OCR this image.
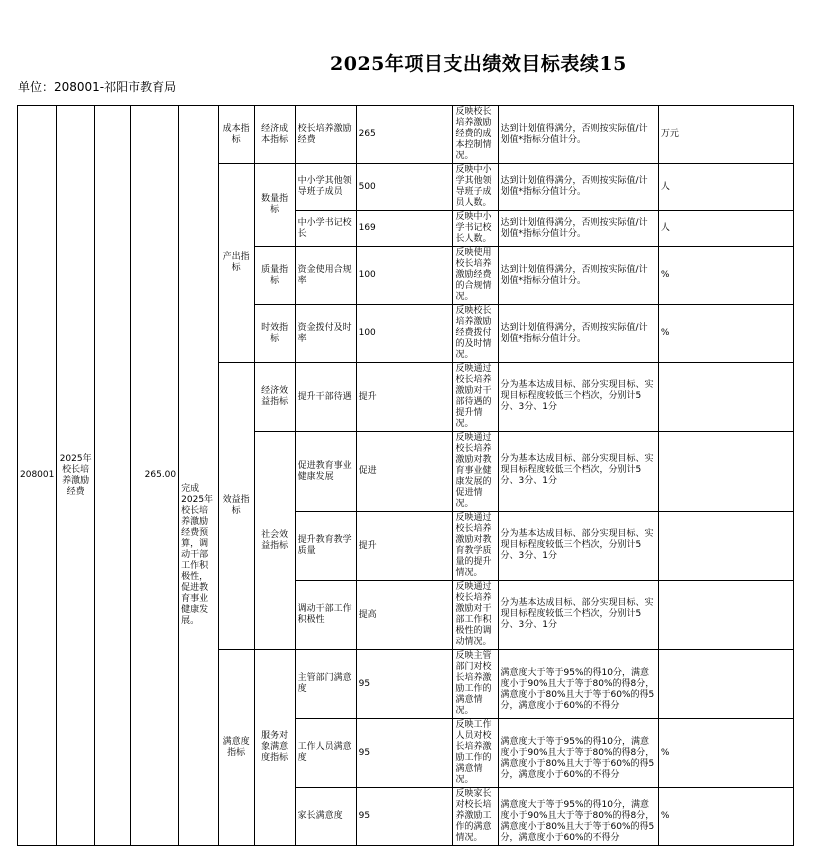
2025年项目支出绩效目标表续15
单位：208001-祁阳市教育局
208001	2025年校长培养激励经费		265.00	完成2025年校长培养激励经费预算，调动干部工作积极性，促进教育事业健康发展。	成本指标	经济成本指标	校长培养激励经费	265	反映校长培养激励经费的成本控制情况。	达到计划值得满分，否则按实际值/计划值*指标分值计分。	万元
					产出指标	数量指标	中小学其他领导班子成员	500	反映中小学其他领导班子成员人数。	达到计划值得满分，否则按实际值/计划值*指标分值计分。	人
							中小学书记校长	169	反映中小学书记校长人数。	达到计划值得满分，否则按实际值/计划值*指标分值计分。	人
						质量指标	资金使用合规率	100	反映使用校长培养激励经费的合规情况。	达到计划值得满分，否则按实际值/计划值*指标分值计分。	%
						时效指标	资金拨付及时率	100	反映校长培养激励经费拨付的及时情况。	达到计划值得满分，否则按实际值/计划值*指标分值计分。	%
					效益指标	经济效益指标	提升干部待遇	提升	反映通过校长培养激励对干部待遇的提升情况。	分为基本达成目标、部分实现目标、实现目标程度较低三个档次，分别计5分、3分、1分	

						社会效益指标	促进教育事业健康发展	促进	反映通过校长培养激励对教育事业健康发展的促进情况。	分为基本达成目标、部分实现目标、实现目标程度较低三个档次，分别计5分、3分、1分	

							提升教育教学质量	提升	反映通过校长培养激励对教育教学质量的提升情况。	分为基本达成目标、部分实现目标、实现目标程度较低三个档次，分别计5分、3分、1分	

							调动干部工作积极性	提高	反映通过校长培养激励对干部工作积极性的调动情况。	分为基本达成目标、部分实现目标、实现目标程度较低三个档次，分别计5分、3分、1分	

					满意度指标	服务对象满意度指标	主管部门满意度	95	反映主管部门对校长培养激励工作的满意情况。	满意度大于等于95%的得10分，满意度小于90%且大于等于80%的得8分，满意度小于80%且大于等于60%的得5分，满意度小于60%的不得分	

							工作人员满意度	95	反映工作人员对校长培养激励工作的满意情况。	满意度大于等于95%的得10分，满意度小于90%且大于等于80%的得8分，满意度小于80%且大于等于60%的得5分，满意度小于60%的不得分	%
							家长满意度	95	反映家长对校长培养激励工作的满意情况。	满意度大于等于95%的得10分，满意度小于90%且大于等于80%的得8分，满意度小于80%且大于等于60%的得5分，满意度小于60%的不得分	%
